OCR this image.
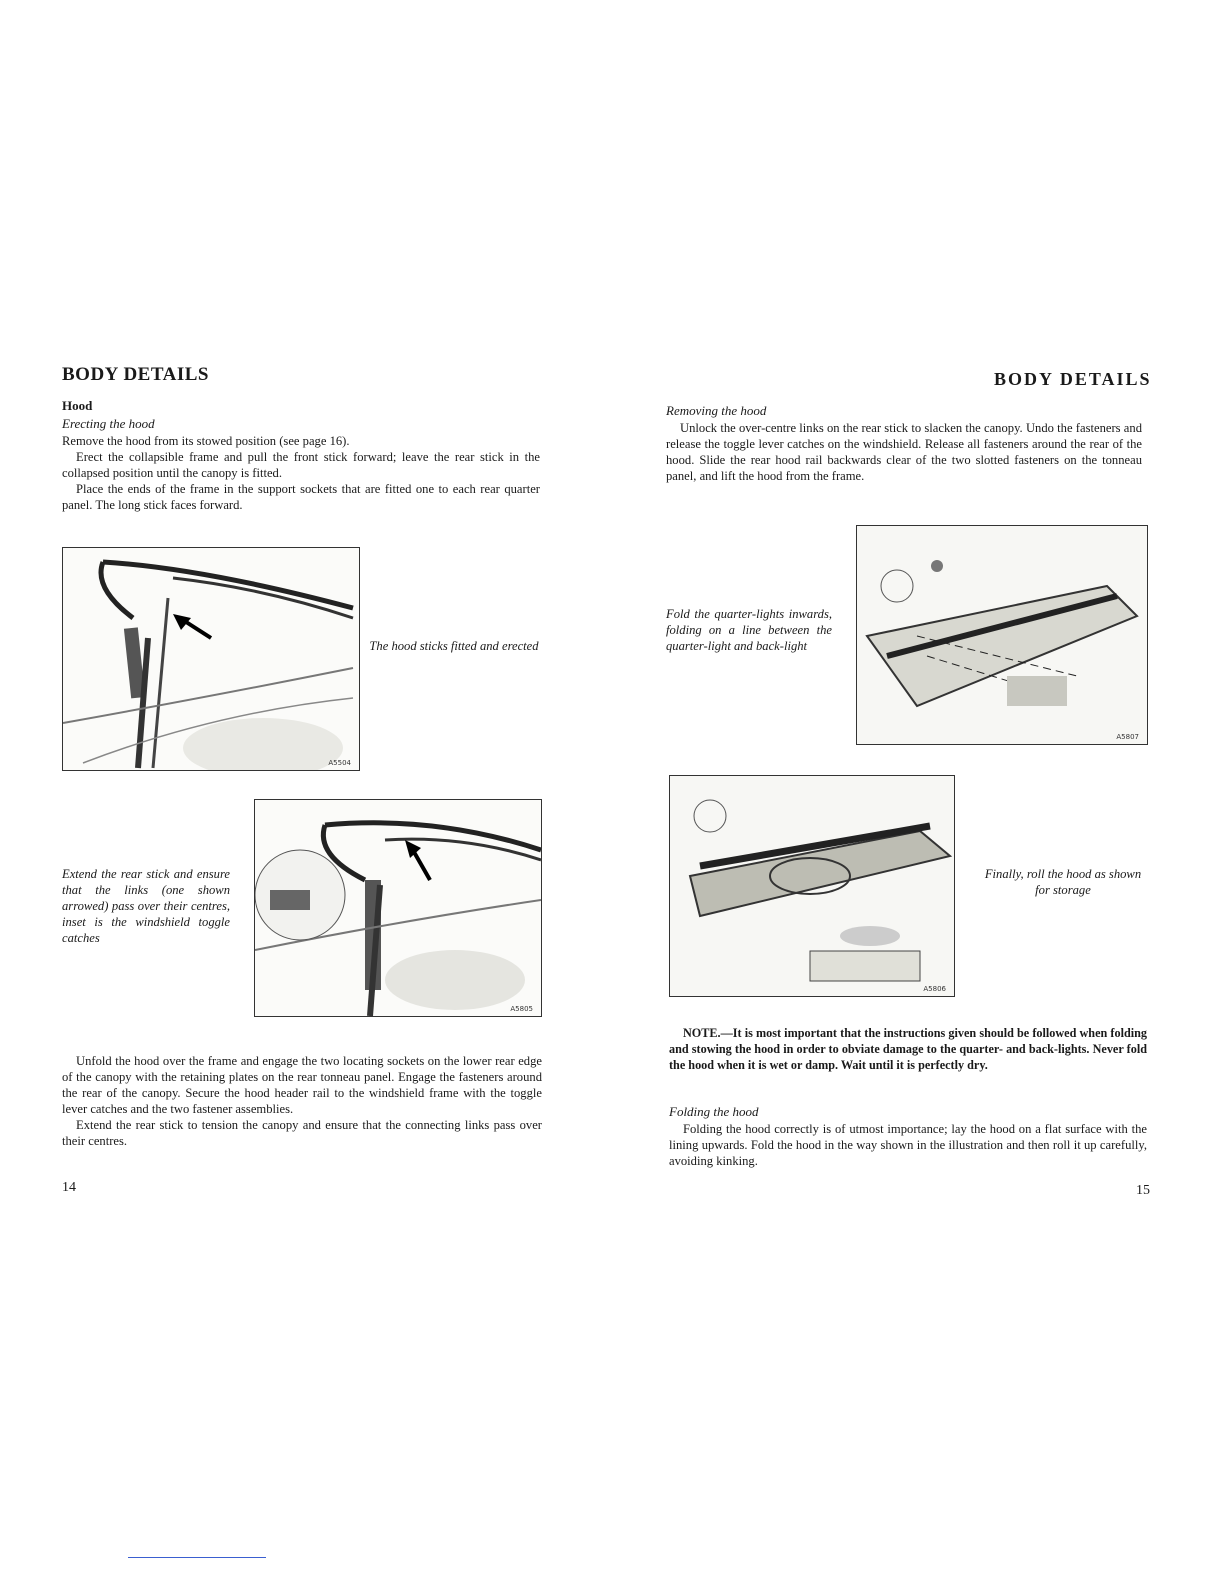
BODY DETAILS
Hood
Erecting the hood

Remove the hood from its stowed position (see page 16).

Erect the collapsible frame and pull the front stick forward; leave the rear stick in the collapsed position until the canopy is fitted.

Place the ends of the frame in the support sockets that are fitted one to each rear quarter panel. The long stick faces forward.

A5504
The hood sticks fitted and erected
A5805
Extend the rear stick and ensure that the links (one shown arrowed) pass over their centres, inset is the windshield toggle catches

Unfold the hood over the frame and engage the two locating sockets on the lower rear edge of the canopy with the retaining plates on the rear tonneau panel. Engage the fasteners around the rear of the canopy. Secure the hood header rail to the windshield frame with the toggle lever catches and the two fastener assemblies.

Extend the rear stick to tension the canopy and ensure that the connecting links pass over their centres.

14
BODY DETAILS
Removing the hood

Unlock the over-centre links on the rear stick to slacken the canopy. Undo the fasteners and release the toggle lever catches on the windshield. Release all fasteners around the rear of the hood. Slide the rear hood rail backwards clear of the two slotted fasteners on the tonneau panel, and lift the hood from the frame.

A5807
Fold the quarter-lights inwards, folding on a line between the quarter-light and back-light
A5806
Finally, roll the hood as shown for storage

NOTE.—It is most important that the instructions given should be followed when folding and stowing the hood in order to obviate damage to the quarter- and back-lights. Never fold the hood when it is wet or damp. Wait until it is perfectly dry.

Folding the hood

Folding the hood correctly is of utmost importance; lay the hood on a flat surface with the lining upwards. Fold the hood in the way shown in the illustration and then roll it up carefully, avoiding kinking.

15
